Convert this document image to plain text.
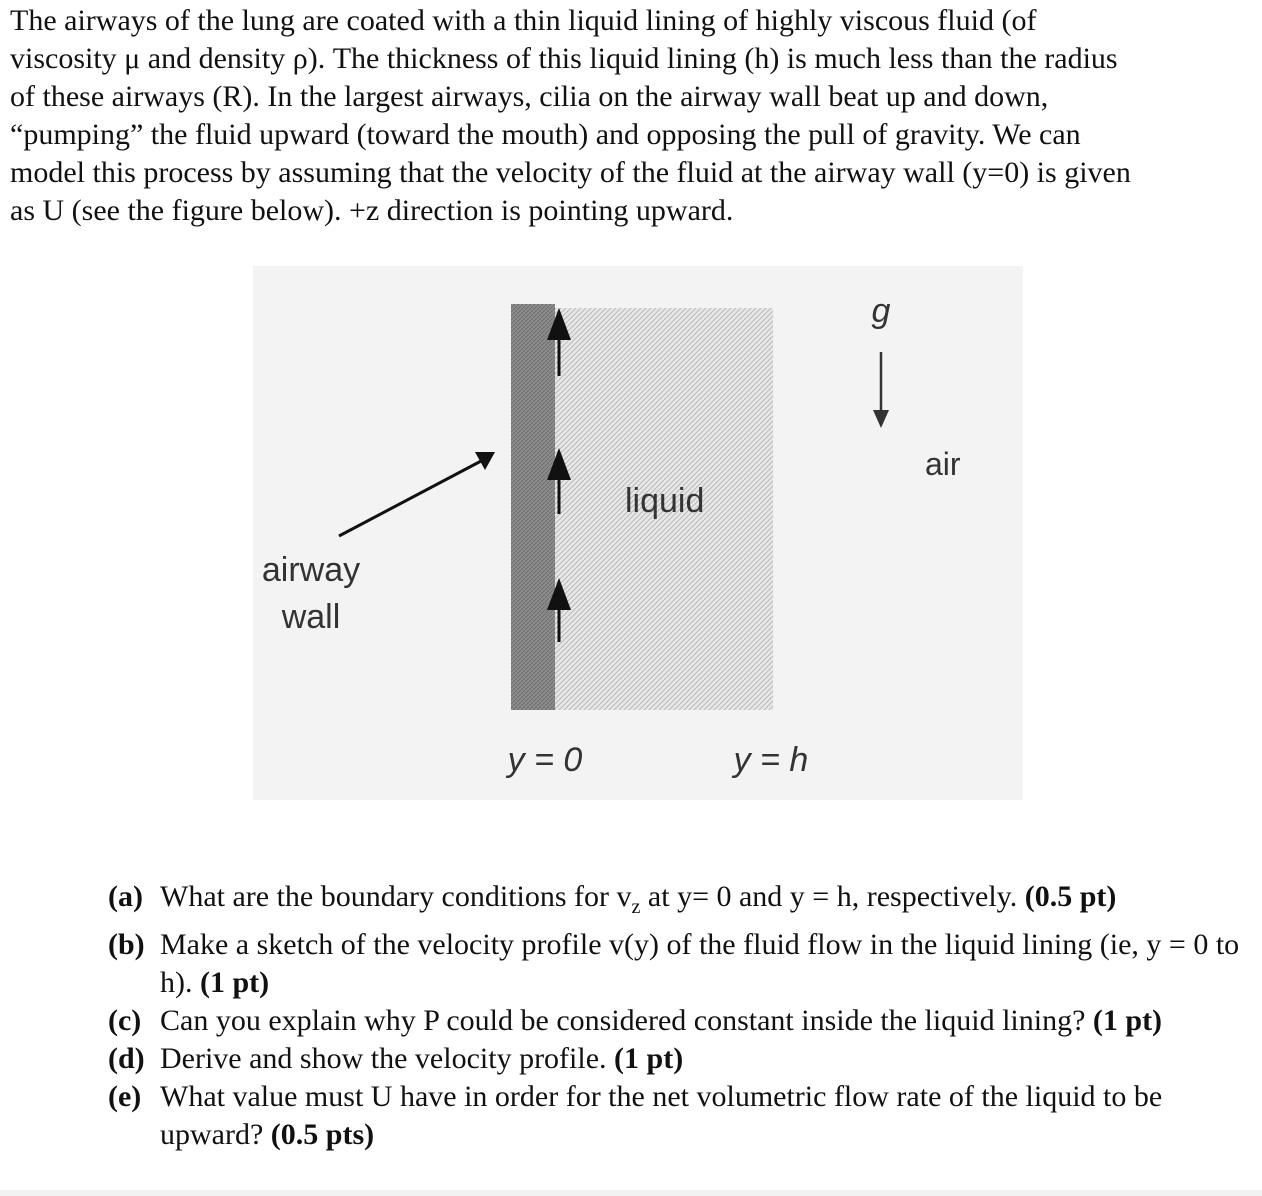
The airways of the lung are coated with a thin liquid lining of highly viscous fluid (of
viscosity μ and density ρ). The thickness of this liquid lining (h) is much less than the radius
of these airways (R). In the largest airways, cilia on the airway wall beat up and down,
“pumping” the fluid upward (toward the mouth) and opposing the pull of gravity. We can
model this process by assuming that the velocity of the fluid at the airway wall (y=0) is given
as U (see the figure below). +z direction is pointing upward.
g
air
liquid
airway
wall
y = 0	y = h
(a) What are the boundary conditions for $v_z$ at y= 0 and y = h, respectively. (0.5 pt)
(b) Make a sketch of the velocity profile v(y) of the fluid flow in the liquid lining (ie, y = 0 to h). (1 pt)
(c) Can you explain why P could be considered constant inside the liquid lining? (1 pt)
(d) Derive and show the velocity profile. (1 pt)
(e) What value must U have in order for the net volumetric flow rate of the liquid to be upward? (0.5 pts)
